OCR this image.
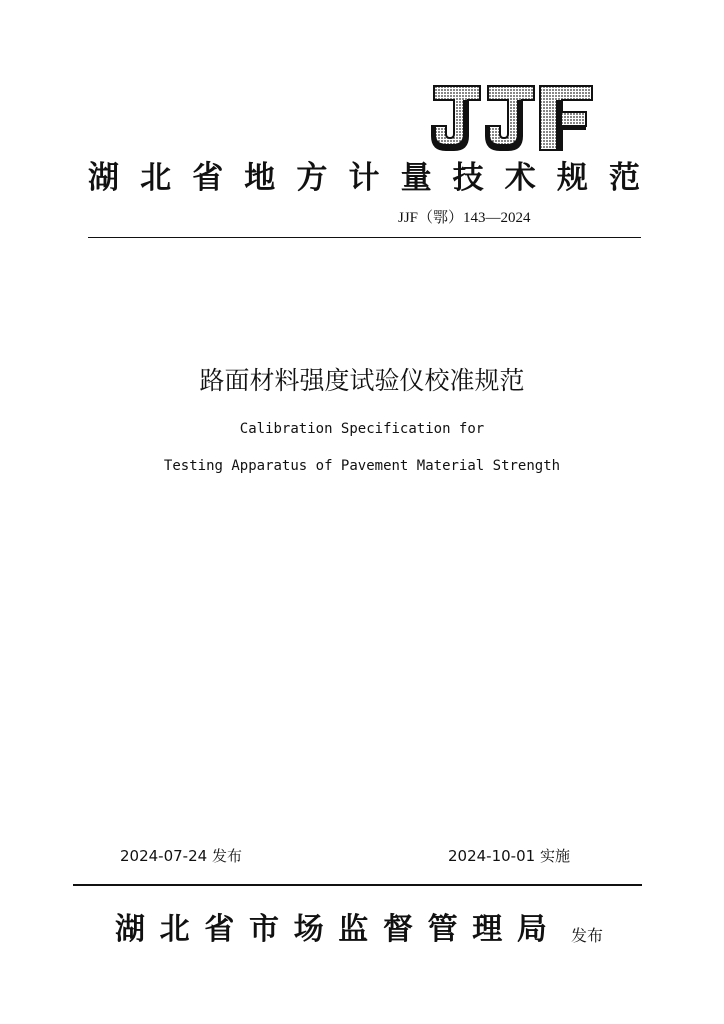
湖 北 省 地 方 计 量 技 术 规 范
JJF（鄂）143—2024
路面材料强度试验仪校准规范
Calibration Specification for
Testing Apparatus of Pavement Material Strength
2024-07-24 发布	2024-10-01 实施
湖 北 省 市 场 监 督 管 理 局 发布
